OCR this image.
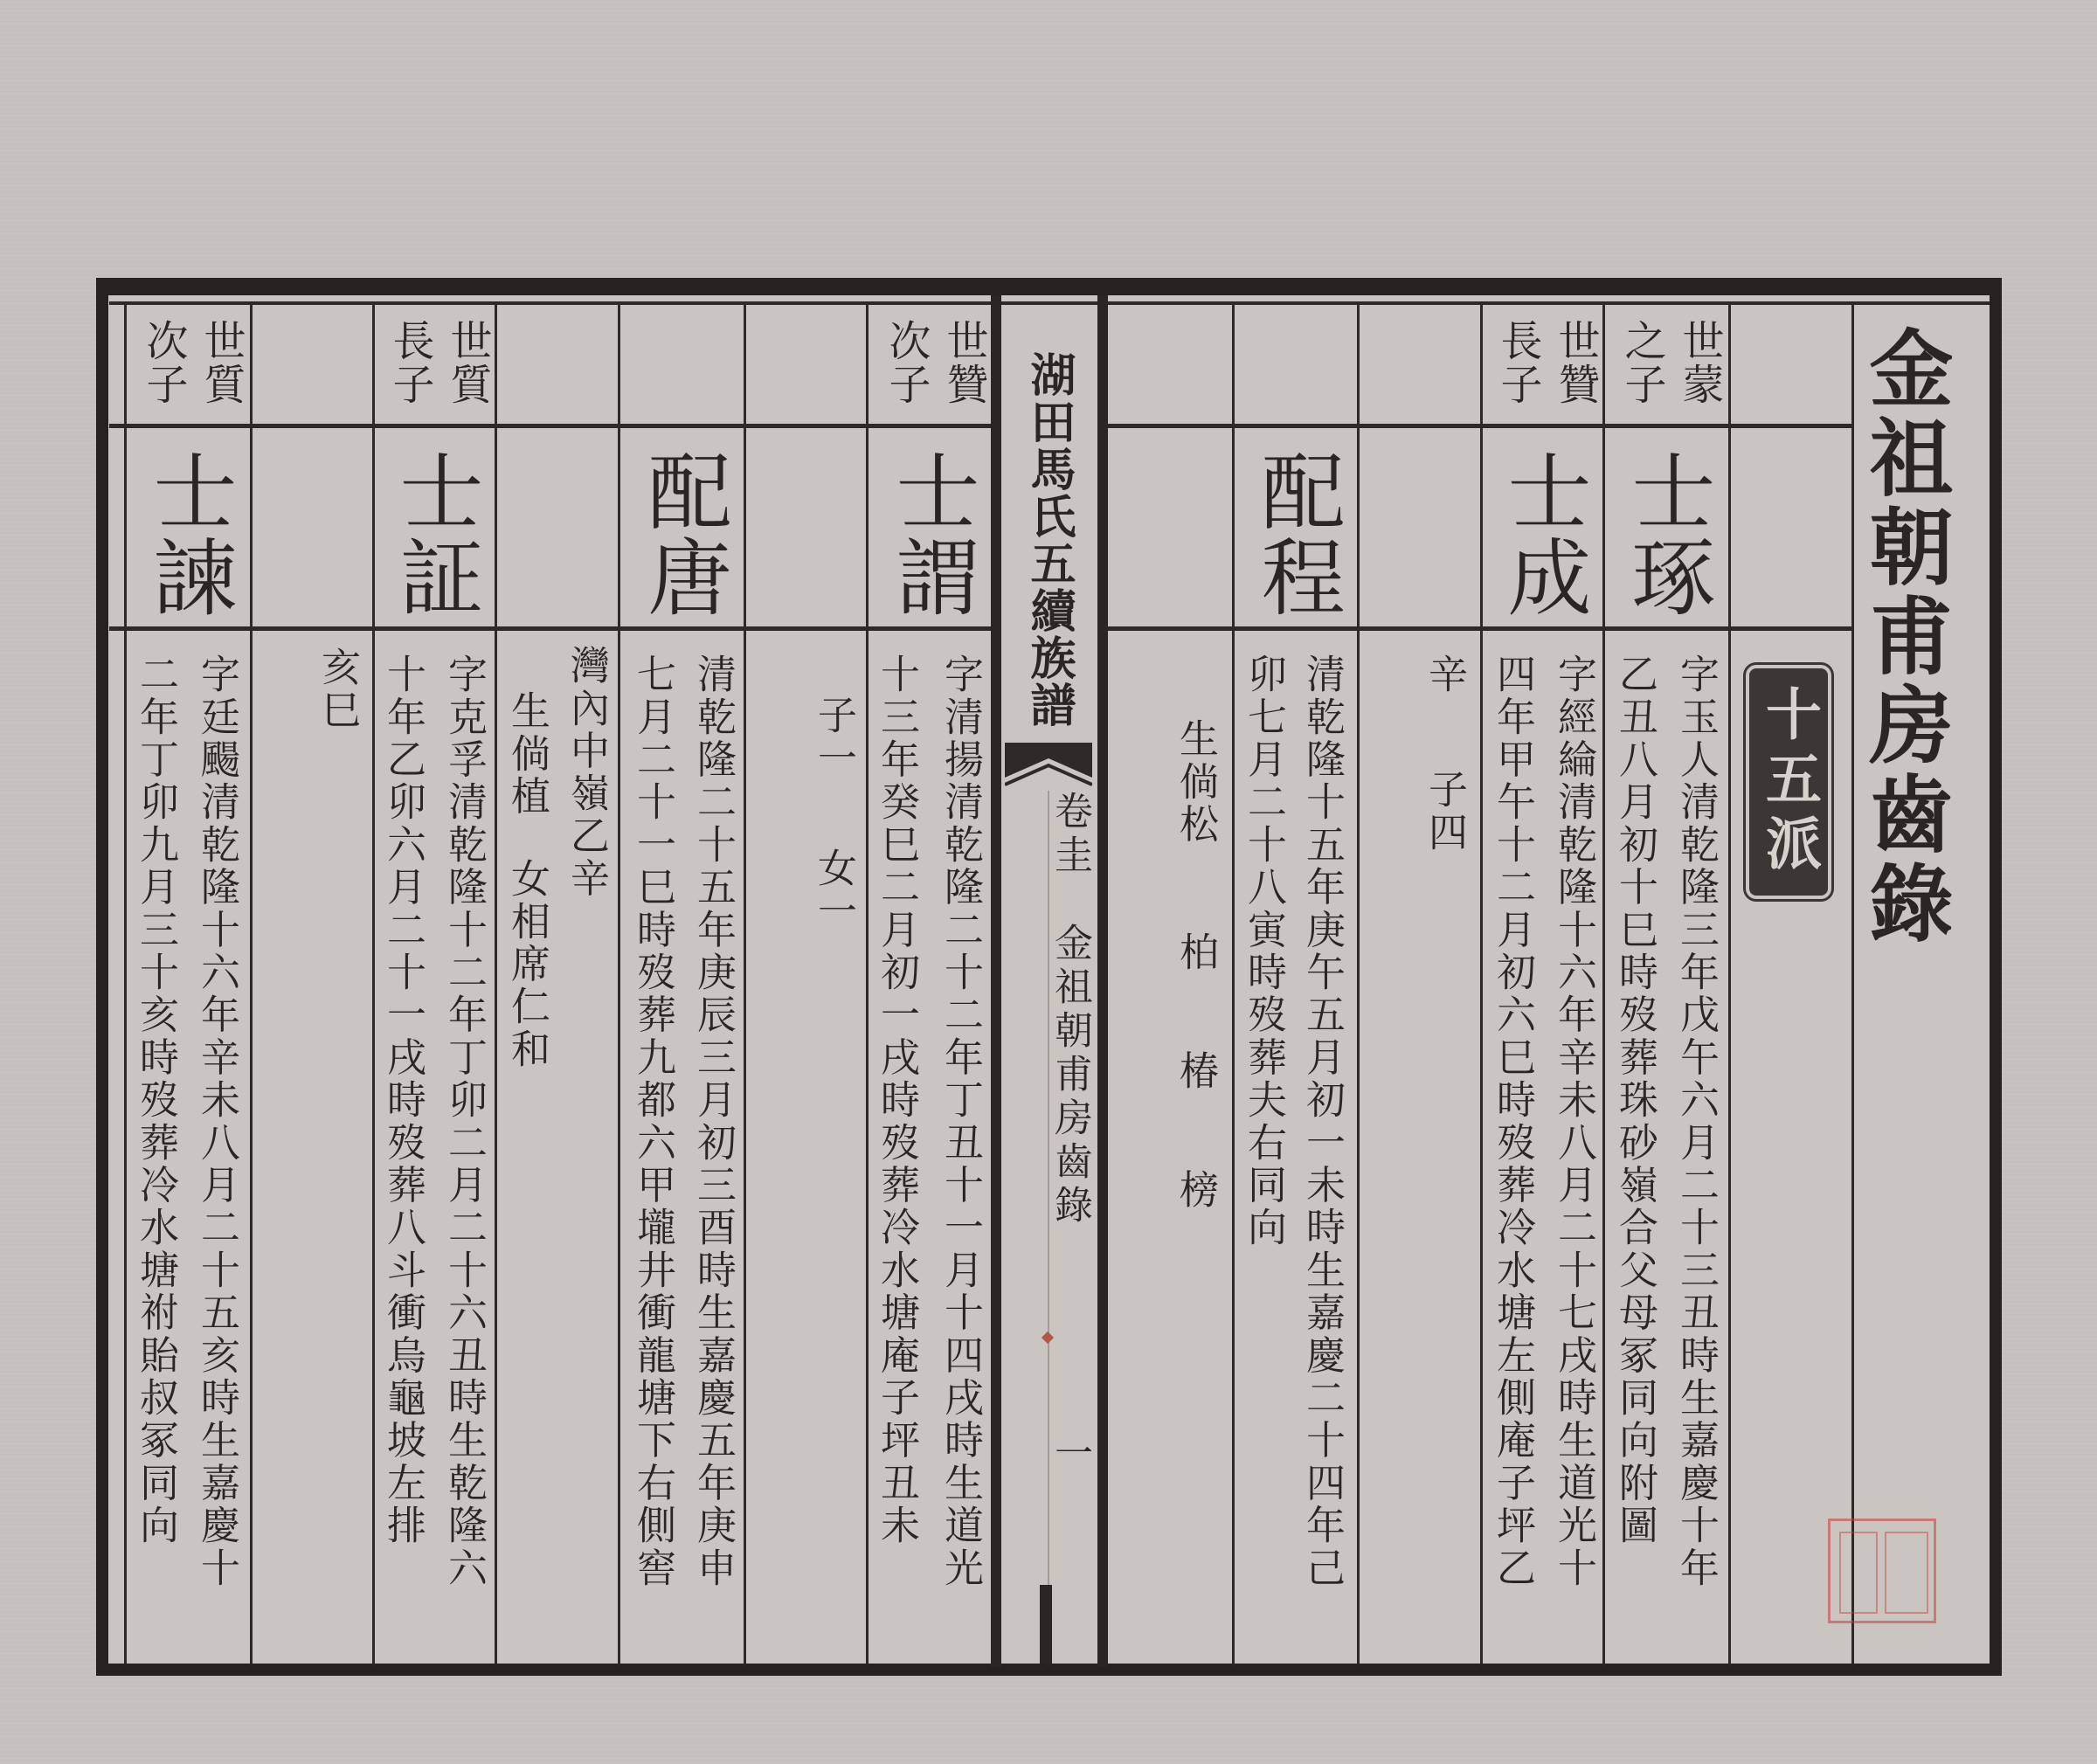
湖田馬氏五續族譜
卷圭
金祖朝甫房齒錄
一
金祖朝甫房齒錄
十五派
世蒙之子
士琢
字玉人清乾隆三年戊午六月二十三丑時生嘉慶十年
乙丑八月初十巳時歿葬珠砂嶺合父母冢同向附圖
世贊長子
士成
字經綸清乾隆十六年辛未八月二十七戌時生道光十
四年甲午十二月初六巳時歿葬冷水塘左側庵子坪乙
辛
子四
配程
清乾隆十五年庚午五月初一未時生嘉慶二十四年己
卯七月二十八寅時歿葬夫右同向
生倘松
柏
椿
榜
世贊次子
士謂
字清揚清乾隆二十二年丁丑十一月十四戌時生道光
十三年癸巳二月初一戌時歿葬冷水塘庵子坪丑未
子一
女一
配唐
清乾隆二十五年庚辰三月初三酉時生嘉慶五年庚申
七月二十一巳時歿葬九都六甲壠井衝龍塘下右側窖
灣內中嶺乙辛
生倘植
女相席仁和
世質長子
士証
字克孚清乾隆十二年丁卯二月二十六丑時生乾隆六
十年乙卯六月二十一戌時歿葬八斗衝烏龜坡左排
亥巳
世質次子
士諫
字廷颺清乾隆十六年辛未八月二十五亥時生嘉慶十
二年丁卯九月三十亥時歿葬冷水塘祔貽叔冢同向
